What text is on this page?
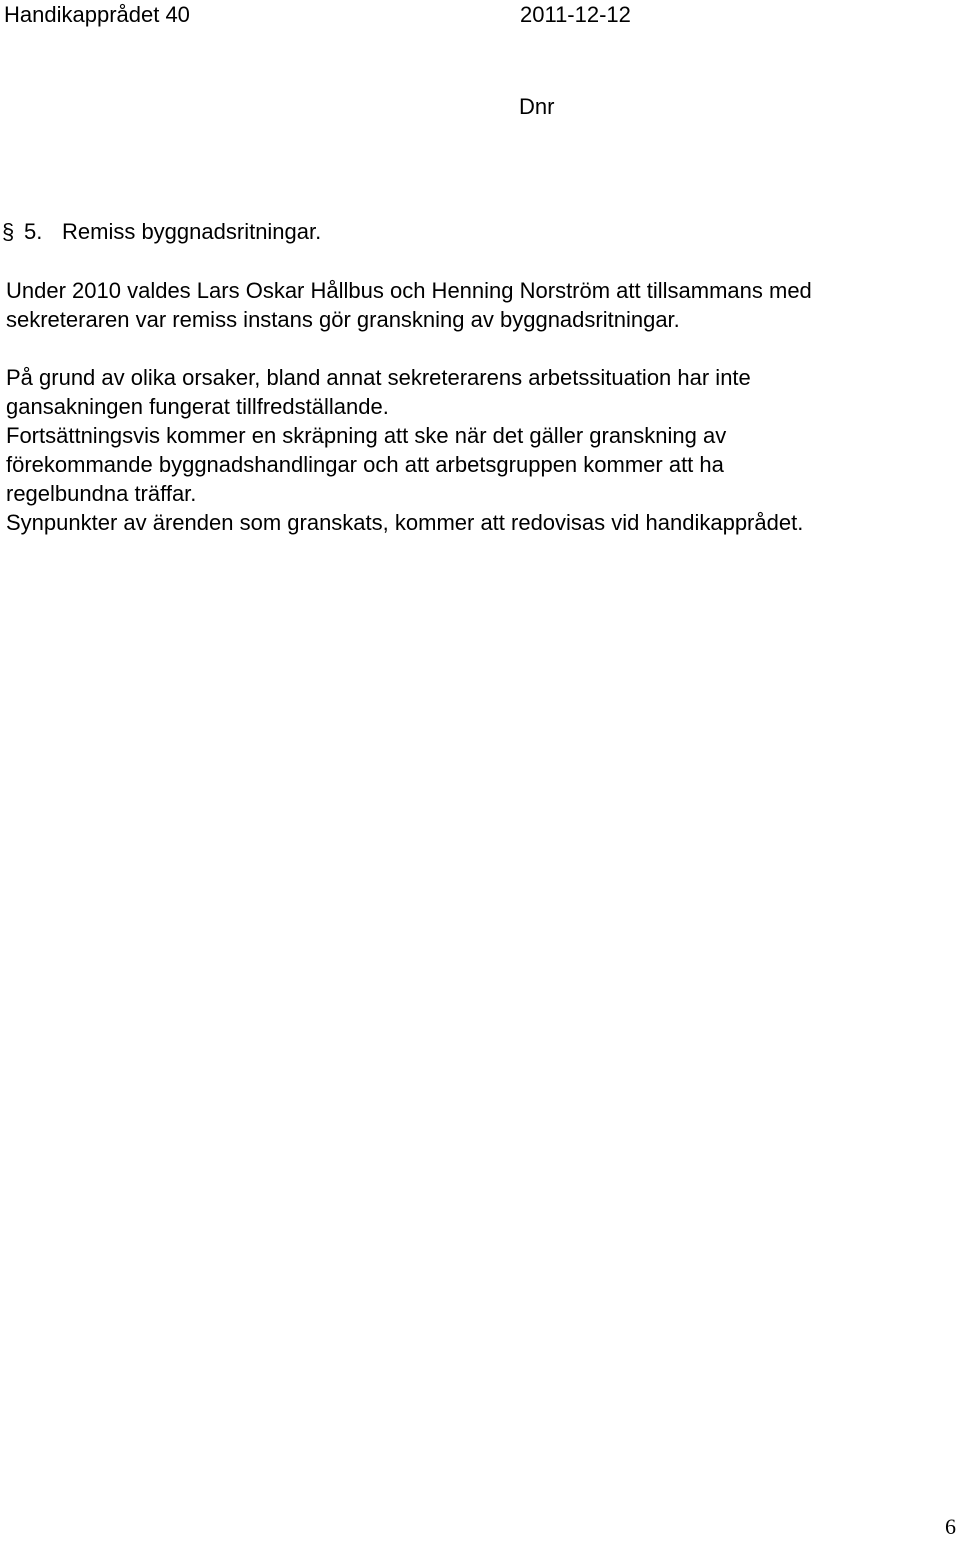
Handikapprådet 40	2011-12-12
Dnr
§ 5. Remiss byggnadsritningar.
Under 2010 valdes Lars Oskar Hållbus och Henning Norström att tillsammans med
sekreteraren var remiss instans gör granskning av byggnadsritningar.
På grund av olika orsaker, bland annat sekreterarens arbetssituation har inte
gansakningen fungerat tillfredställande.
Fortsättningsvis kommer en skräpning att ske när det gäller granskning av
förekommande byggnadshandlingar och att arbetsgruppen kommer att ha
regelbundna träffar.
Synpunkter av ärenden som granskats, kommer att redovisas vid handikapprådet.
6
